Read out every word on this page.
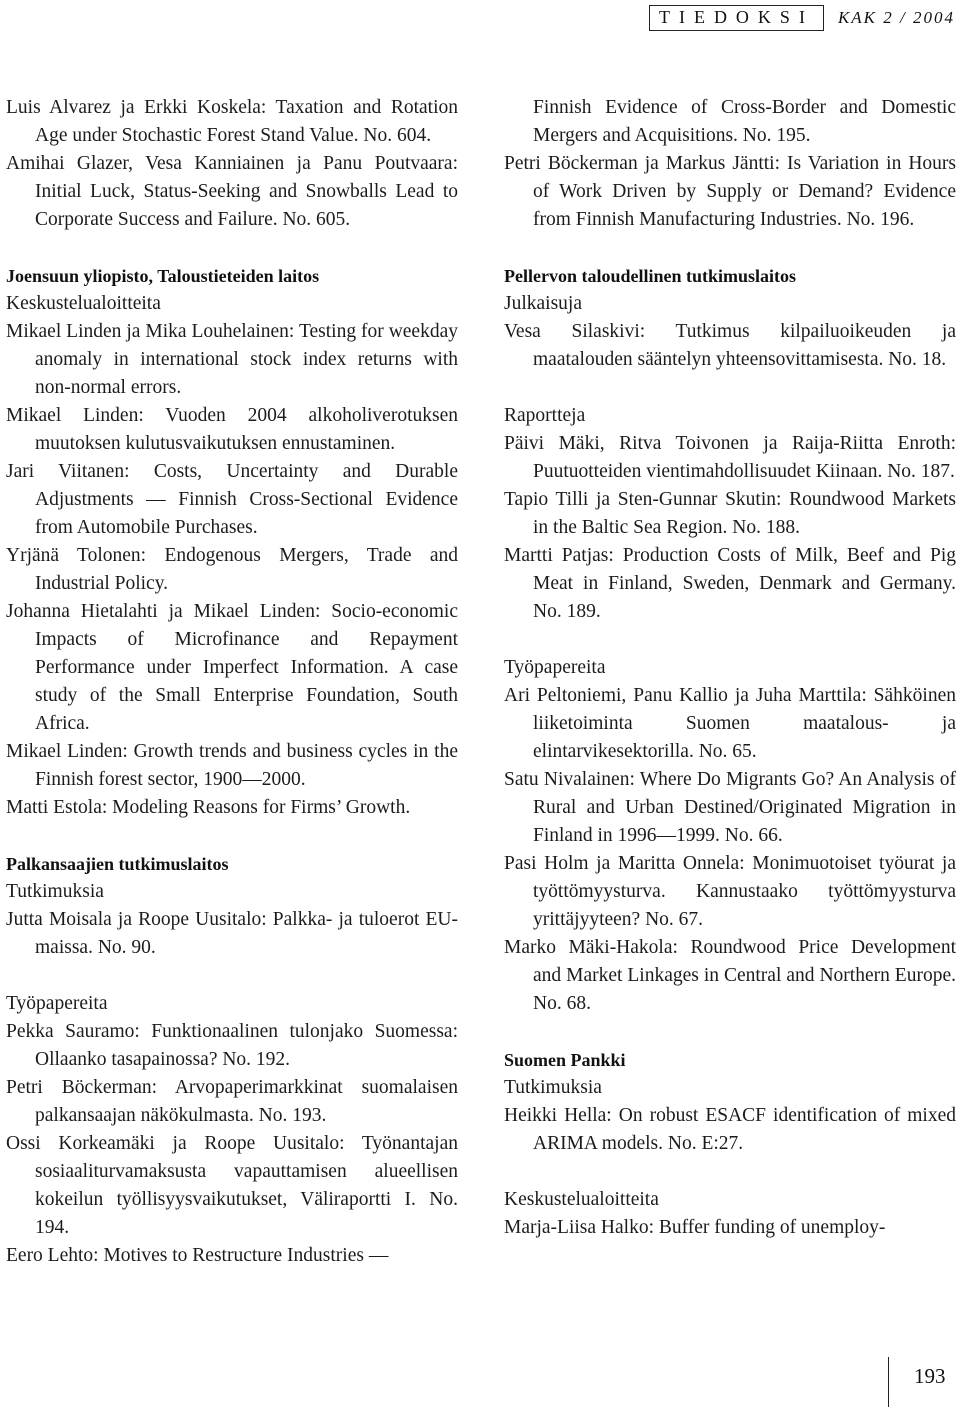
TIEDOKSI	KAK 2 / 2004
Luis Alvarez ja Erkki Koskela: Taxation and Rotation Age under Stochastic Forest Stand Value. No. 604.
Amihai Glazer, Vesa Kanniainen ja Panu Poutvaara: Initial Luck, Status-Seeking and Snowballs Lead to Corporate Success and Failure. No. 605.
Joensuun yliopisto, Taloustieteiden laitos
Keskustelualoitteita
Mikael Linden ja Mika Louhelainen: Testing for weekday anomaly in international stock index returns with non-normal errors.
Mikael Linden: Vuoden 2004 alkoholiverotuksen muutoksen kulutusvaikutuksen ennustaminen.
Jari Viitanen: Costs, Uncertainty and Durable Adjustments — Finnish Cross-Sectional Evidence from Automobile Purchases.
Yrjänä Tolonen: Endogenous Mergers, Trade and Industrial Policy.
Johanna Hietalahti ja Mikael Linden: Socio-economic Impacts of Microfinance and Repayment Performance under Imperfect Information. A case study of the Small Enterprise Foundation, South Africa.
Mikael Linden: Growth trends and business cycles in the Finnish forest sector, 1900—2000.
Matti Estola: Modeling Reasons for Firms’ Growth.
Palkansaajien tutkimuslaitos
Tutkimuksia
Jutta Moisala ja Roope Uusitalo: Palkka- ja tuloerot EU-maissa. No. 90.
Työpapereita
Pekka Sauramo: Funktionaalinen tulonjako Suomessa: Ollaanko tasapainossa? No. 192.
Petri Böckerman: Arvopaperimarkkinat suomalaisen palkansaajan näkökulmasta. No. 193.
Ossi Korkeamäki ja Roope Uusitalo: Työnantajan sosiaaliturvamaksusta vapauttamisen alueellisen kokeilun työllisyysvaikutukset, Väliraportti I. No. 194.
Eero Lehto: Motives to Restructure Industries —
Finnish Evidence of Cross-Border and Domestic Mergers and Acquisitions. No. 195.
Petri Böckerman ja Markus Jäntti: Is Variation in Hours of Work Driven by Supply or Demand? Evidence from Finnish Manufacturing Industries. No. 196.
Pellervon taloudellinen tutkimuslaitos
Julkaisuja
Vesa Silaskivi: Tutkimus kilpailuoikeuden ja maatalouden sääntelyn yhteensovittamisesta. No. 18.
Raportteja
Päivi Mäki, Ritva Toivonen ja Raija-Riitta Enroth: Puutuotteiden vientimahdollisuudet Kiinaan. No. 187.
Tapio Tilli ja Sten-Gunnar Skutin: Roundwood Markets in the Baltic Sea Region. No. 188.
Martti Patjas: Production Costs of Milk, Beef and Pig Meat in Finland, Sweden, Denmark and Germany. No. 189.
Työpapereita
Ari Peltoniemi, Panu Kallio ja Juha Marttila: Sähköinen liiketoiminta Suomen maatalous- ja elintarvikesektorilla. No. 65.
Satu Nivalainen: Where Do Migrants Go? An Analysis of Rural and Urban Destined/Originated Migration in Finland in 1996—1999. No. 66.
Pasi Holm ja Maritta Onnela: Monimuotoiset työurat ja työttömyysturva. Kannustaako työttömyysturva yrittäjyyteen? No. 67.
Marko Mäki-Hakola: Roundwood Price Development and Market Linkages in Central and Northern Europe. No. 68.
Suomen Pankki
Tutkimuksia
Heikki Hella: On robust ESACF identification of mixed ARIMA models. No. E:27.
Keskustelualoitteita
Marja-Liisa Halko: Buffer funding of unemploy-
193
